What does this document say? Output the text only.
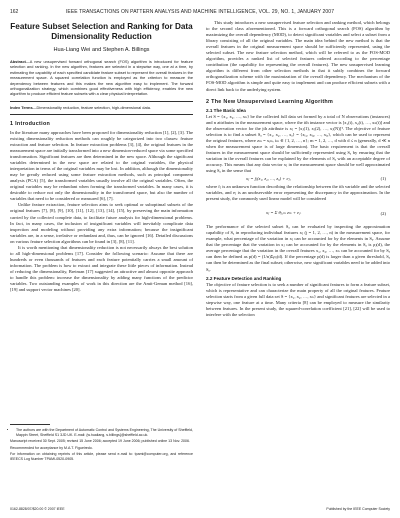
162	IEEE TRANSACTIONS ON PATTERN ANALYSIS AND MACHINE INTELLIGENCE, VOL. 29, NO. 1, JANUARY 2007
Feature Subset Selection and Ranking for Data Dimensionality Reduction
Hua-Liang Wei and Stephen A. Billings
Abstract—A new unsupervised forward orthogonal search (FOS) algorithm is introduced for feature selection and ranking. In the new algorithm, features are selected in a stepwise way, one at a time, by estimating the capability of each specified candidate feature subset to represent the overall features in the measurement space. A squared correlation function is employed as the criterion to measure the dependency between features and this makes the new algorithm easy to implement. The forward orthogonalization strategy, which combines good effectiveness with high efficiency, enables the new algorithm to produce efficient feature subsets with a clear physical interpretation.
Index Terms—Dimensionality reduction, feature selection, high-dimensional data.
1 Introduction

In the literature many approaches have been proposed for dimensionality reduction [1], [2], [3]. The existing dimensionality reduction methods can roughly be categorized into two classes: feature extraction and feature selection. In feature extraction problems [3], [4], the original features in the measurement space are initially transformed into a new dimension-reduced space via some specified transformation. Significant features are then determined in the new space. Although the significant variables determined in the new space are related to the original variables, the physical interpretation in terms of the original variables may be lost. In addition, although the dimensionality may be greatly reduced using some feature extraction methods, such as principal component analysis (PCA) [5], the transformed variables usually involve all the original variables. Often, the original variables may be redundant when forming the transformed variables. In many cases, it is desirable to reduce not only the dimensionality in the transformed space, but also the number of variables that need to be considered or measured [6], [7].

Unlike feature extraction, feature selection aims to seek optimal or suboptimal subsets of the original features [7], [8], [9], [10], [11], [12], [13], [14], [15], by preserving the main information carried by the collected complete data, to facilitate future analysis for high-dimensional problems. In fact, in many cases, the inclusion of insignificant variables will inevitably complicate data inspection and modeling without providing any extra information; because the insignificant variables are, in a sense, irrelative or redundant and, thus, can be ignored [16]. Detailed discussions on various feature selection algorithms can be found in [3], [8], [11].

It is worth mentioning that dimensionality reduction is not necessarily always the best solution to all high-dimensional problems [17]. Consider the following scenario: Assume that there are hundreds or even thousands of features and each feature potentially carries a small amount of information. The problem is how to extract and integrate these little pieces of information. Instead of reducing the dimensionality, Breiman [17] suggested an attractive and almost opposite approach to handle this problem: increase the dimensionality by adding many functions of the predictor variables. Two outstanding examples of work in this direction are the Amit-Geman method [16], [19] and support vector machines [20].

• The authors are with the Department of Automatic Control and Systems Engineering, The University of Sheffield, Mappin Street, Sheffield S1 3JD UK. E-mail: {w.hualiang, s.billings}@sheffield.ac.uk.

Manuscript received 30 Sept. 2005; revised 15 June 2006; accepted 19 June 2006; published online 13 Nov. 2006.

Recommended for acceptance by M.A.T. Figueiredo.

For information on obtaining reprints of this article, please send e-mail to: tpami@computer.org, and reference IEEECS Log Number TPAMI-0520-0905.

This study introduces a new unsupervised feature selection and ranking method, which belongs to the second class aforementioned. This is a forward orthogonal search (FOS) algorithm by maximizing the overall dependency (MOD), to detect significant variables and select a subset from a library consisting of all the original variables. The main idea behind the new method is that the overall features in the original measurement space should be sufficiently represented, using the selected subset. The new feature selection method, which will be referred to as the FOS-MOD algorithm, provides a ranked list of selected features ordered according to the percentage contribution (the capability for representing the overall features). The new unsupervised learning algorithm is different from other selection methods in that it subtly combines the forward orthogonalization scheme with the maximization of the overall dependency. The mechanism of the FOS-MOD algorithm is simple and quite easy to implement and can produce efficient subsets with a direct link back to the underlying system.

2 The New Unsupervised Learning Algorithm
2.1 The Basic Idea

Let S = {x₁, x₂, …, xₙ} be the collected full data set formed by a total of N observations (instances) and n attributes in the measurement space, where the ith instance vector is [x₁(t), x₂(t), …, xₙ(t)] and the observation vector for the jth attribute is xⱼ = [xⱼ(1), xⱼ(2), …, xⱼ(N)]ᵀ. The objective of feature selection is to find a subset Sₐ = {x₁, x₂, …, xₐ} = {xᵢ₁, xᵢ₂, …, xᵢₐ}, which can be used to represent the original features, where zₘ = xᵢₘ, iₘ ∈ {1, 2, …, n}; m = 1, 2, …, d with d ≤ n (generally, d ≪ n when the measurement space is of large dimension). The basic requirement is that the overall features in the measurement space should be sufficiently represented using Sₐ by ensuring that the variation in the overall features can be explained by the elements of Sₐ with an acceptable degree of accuracy. This means that any data vector xⱼ in the measurement space should be well approximated using Sₐ in the sense that

xⱼ = fⱼ(z₁, z₂, …, zₐ) + eⱼ,	(1)

where fⱼ is an unknown function describing the relationship between the ith variable and the selected variables, and eⱼ is an unobservable error representing the discrepancy in the approximation. In the present study, the commonly used linear model will be considered

xⱼ = Σ θⱼ,ₘ zₘ + eⱼ.	(2)

The performance of the selected subset Sₐ can be evaluated by inspecting the approximation capability of Sₐ in reproducing individual features xⱼ (j = 1, 2, …, n) in the measurement space, for example, what percentage of the variation in xⱼ can be accounted for by the elements in Sₐ. Assume that the percentage that the variation in xⱼ can be accounted for by the elements in Sₐ is ρⱼ(d), the average percentage that the variation in the overall features x₁, x₂, …, xₙ can be accounted for by Sₐ can then be defined as p(d) = (1/n)Σρⱼ(d). If the percentage p(d) is larger than a given threshold, Sₐ can then be determined as the final subset; otherwise, new significant variables need to be added into Sₐ.

2.2 Feature Detection and Ranking

The objective of feature selection is to seek a number of significant features to form a feature subset, which is representative and can characterize the main property of all the original features. Feature selection starts from a given full data set S = {x₁, x₂, …, xₙ} and significant features are selected in a stepwise way, one feature at a time. Many criteria [8] can be employed to measure the similarity between features. In the present study, the squared-correlation coefficient [21], [22] will be used to interfere with the selection

0162-8828/07/$20.00 © 2007 IEEE	Published by the IEEE Computer Society
